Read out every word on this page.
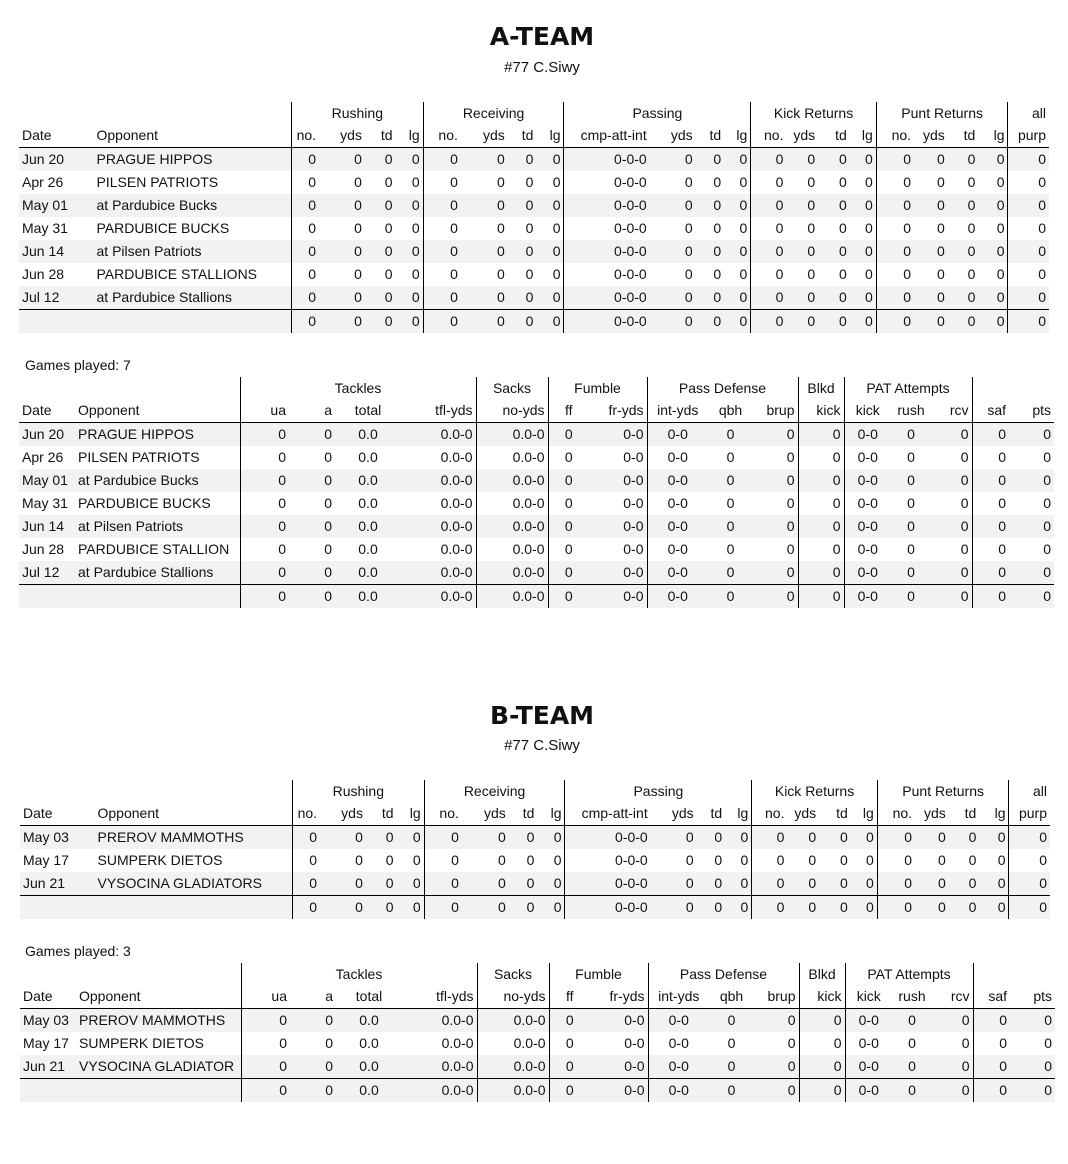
A-TEAM
#77 C.Siwy
		Rushing				Receiving				Passing				Kick Returns				Punt Returns				all
Date	Opponent	no.	yds	td	lg	no.	yds	td	lg	cmp-att-int	yds	td	lg	no.	yds	td	lg	no.	yds	td	lg	purp
Jun 20	PRAGUE HIPPOS	0	0	0	0	0	0	0	0	0-0-0	0	0	0	0	0	0	0	0	0	0	0	0
Apr 26	PILSEN PATRIOTS	0	0	0	0	0	0	0	0	0-0-0	0	0	0	0	0	0	0	0	0	0	0	0
May 01	at Pardubice Bucks	0	0	0	0	0	0	0	0	0-0-0	0	0	0	0	0	0	0	0	0	0	0	0
May 31	PARDUBICE BUCKS	0	0	0	0	0	0	0	0	0-0-0	0	0	0	0	0	0	0	0	0	0	0	0
Jun 14	at Pilsen Patriots	0	0	0	0	0	0	0	0	0-0-0	0	0	0	0	0	0	0	0	0	0	0	0
Jun 28	PARDUBICE STALLIONS	0	0	0	0	0	0	0	0	0-0-0	0	0	0	0	0	0	0	0	0	0	0	0
Jul 12	at Pardubice Stallions	0	0	0	0	0	0	0	0	0-0-0	0	0	0	0	0	0	0	0	0	0	0	0
		0	0	0	0	0	0	0	0	0-0-0	0	0	0	0	0	0	0	0	0	0	0	0
Games played: 7
		Tackles				Sacks	Fumble		Pass Defense			Blkd	PAT Attempts				
Date	Opponent	ua	a	total	tfl-yds	no-yds	ff	fr-yds	int-yds	qbh	brup	kick	kick	rush	rcv	saf	pts
Jun 20	PRAGUE HIPPOS	0	0	0.0	0.0-0	0.0-0	0	0-0	0-0	0	0	0	0-0	0	0	0	0
Apr 26	PILSEN PATRIOTS	0	0	0.0	0.0-0	0.0-0	0	0-0	0-0	0	0	0	0-0	0	0	0	0
May 01	at Pardubice Bucks	0	0	0.0	0.0-0	0.0-0	0	0-0	0-0	0	0	0	0-0	0	0	0	0
May 31	PARDUBICE BUCKS	0	0	0.0	0.0-0	0.0-0	0	0-0	0-0	0	0	0	0-0	0	0	0	0
Jun 14	at Pilsen Patriots	0	0	0.0	0.0-0	0.0-0	0	0-0	0-0	0	0	0	0-0	0	0	0	0
Jun 28	PARDUBICE STALLION	0	0	0.0	0.0-0	0.0-0	0	0-0	0-0	0	0	0	0-0	0	0	0	0
Jul 12	at Pardubice Stallions	0	0	0.0	0.0-0	0.0-0	0	0-0	0-0	0	0	0	0-0	0	0	0	0
		0	0	0.0	0.0-0	0.0-0	0	0-0	0-0	0	0	0	0-0	0	0	0	0
B-TEAM
#77 C.Siwy
		Rushing				Receiving				Passing				Kick Returns				Punt Returns				all
Date	Opponent	no.	yds	td	lg	no.	yds	td	lg	cmp-att-int	yds	td	lg	no.	yds	td	lg	no.	yds	td	lg	purp
May 03	PREROV MAMMOTHS	0	0	0	0	0	0	0	0	0-0-0	0	0	0	0	0	0	0	0	0	0	0	0
May 17	SUMPERK DIETOS	0	0	0	0	0	0	0	0	0-0-0	0	0	0	0	0	0	0	0	0	0	0	0
Jun 21	VYSOCINA GLADIATORS	0	0	0	0	0	0	0	0	0-0-0	0	0	0	0	0	0	0	0	0	0	0	0
		0	0	0	0	0	0	0	0	0-0-0	0	0	0	0	0	0	0	0	0	0	0	0
Games played: 3
		Tackles				Sacks	Fumble		Pass Defense			Blkd	PAT Attempts				
Date	Opponent	ua	a	total	tfl-yds	no-yds	ff	fr-yds	int-yds	qbh	brup	kick	kick	rush	rcv	saf	pts
May 03	PREROV MAMMOTHS	0	0	0.0	0.0-0	0.0-0	0	0-0	0-0	0	0	0	0-0	0	0	0	0
May 17	SUMPERK DIETOS	0	0	0.0	0.0-0	0.0-0	0	0-0	0-0	0	0	0	0-0	0	0	0	0
Jun 21	VYSOCINA GLADIATOR	0	0	0.0	0.0-0	0.0-0	0	0-0	0-0	0	0	0	0-0	0	0	0	0
		0	0	0.0	0.0-0	0.0-0	0	0-0	0-0	0	0	0	0-0	0	0	0	0
